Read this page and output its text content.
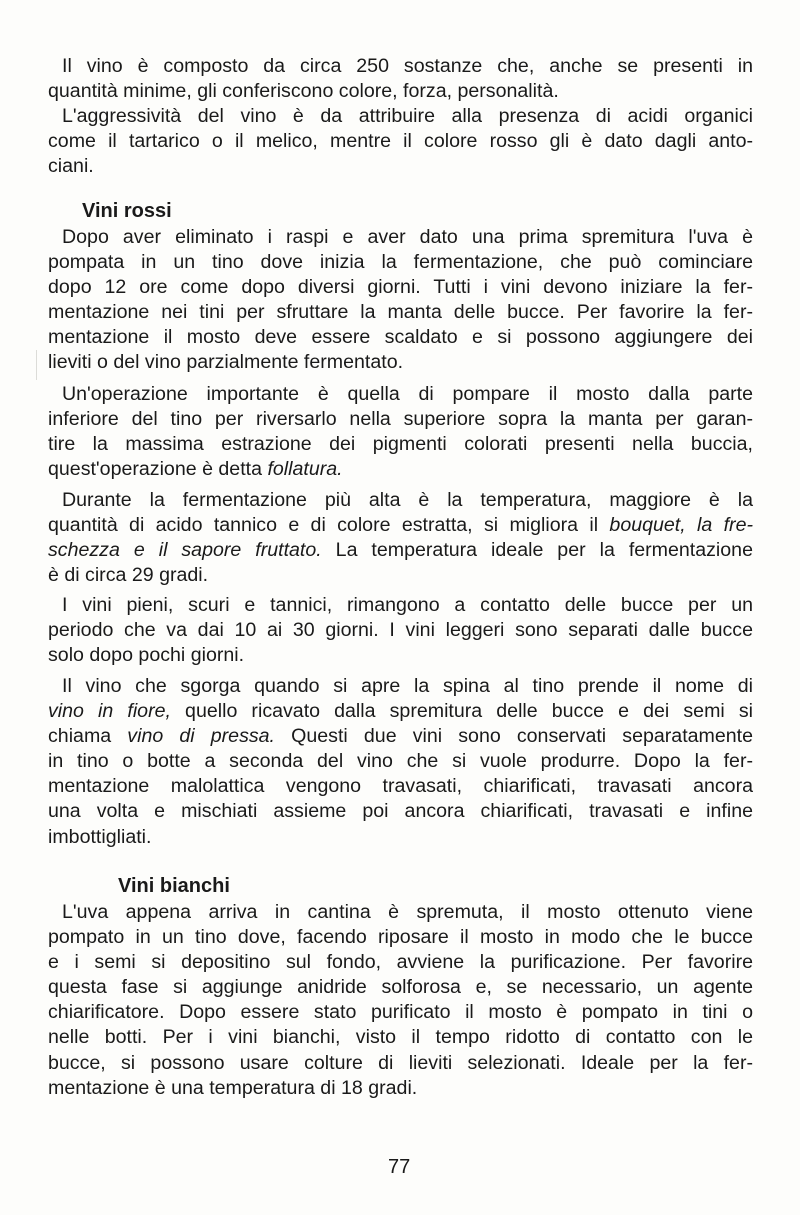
Il vino è composto da circa 250 sostanze che, anche se presenti in
quantità minime, gli conferiscono colore, forza, personalità.
L'aggressività del vino è da attribuire alla presenza di acidi organici
come il tartarico o il melico, mentre il colore rosso gli è dato dagli anto-
ciani.
Vini rossi
Dopo aver eliminato i raspi e aver dato una prima spremitura l'uva è
pompata in un tino dove inizia la fermentazione, che può cominciare
dopo 12 ore come dopo diversi giorni. Tutti i vini devono iniziare la fer-
mentazione nei tini per sfruttare la manta delle bucce. Per favorire la fer-
mentazione il mosto deve essere scaldato e si possono aggiungere dei
lieviti o del vino parzialmente fermentato.
Un'operazione importante è quella di pompare il mosto dalla parte
inferiore del tino per riversarlo nella superiore sopra la manta per garan-
tire la massima estrazione dei pigmenti colorati presenti nella buccia,
quest'operazione è detta follatura.
Durante la fermentazione più alta è la temperatura, maggiore è la
quantità di acido tannico e di colore estratta, si migliora il bouquet, la fre-
schezza e il sapore fruttato. La temperatura ideale per la fermentazione
è di circa 29 gradi.
I vini pieni, scuri e tannici, rimangono a contatto delle bucce per un
periodo che va dai 10 ai 30 giorni. I vini leggeri sono separati dalle bucce
solo dopo pochi giorni.
Il vino che sgorga quando si apre la spina al tino prende il nome di
vino in fiore, quello ricavato dalla spremitura delle bucce e dei semi si
chiama vino di pressa. Questi due vini sono conservati separatamente
in tino o botte a seconda del vino che si vuole produrre. Dopo la fer-
mentazione malolattica vengono travasati, chiarificati, travasati ancora
una volta e mischiati assieme poi ancora chiarificati, travasati e infine
imbottigliati.
Vini bianchi
L'uva appena arriva in cantina è spremuta, il mosto ottenuto viene
pompato in un tino dove, facendo riposare il mosto in modo che le bucce
e i semi si depositino sul fondo, avviene la purificazione. Per favorire
questa fase si aggiunge anidride solforosa e, se necessario, un agente
chiarificatore. Dopo essere stato purificato il mosto è pompato in tini o
nelle botti. Per i vini bianchi, visto il tempo ridotto di contatto con le
bucce, si possono usare colture di lieviti selezionati. Ideale per la fer-
mentazione è una temperatura di 18 gradi.
77
